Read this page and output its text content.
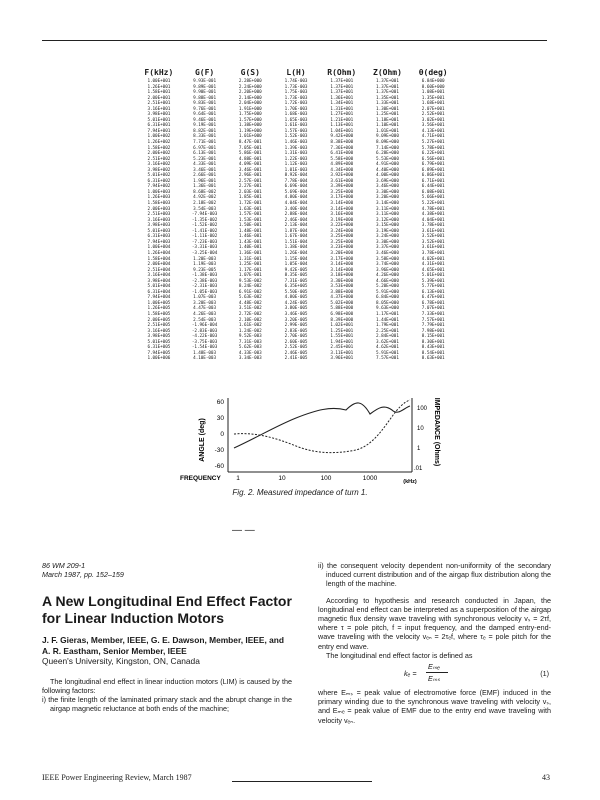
F(kHz)	G(F)	G(S)	L(H)	R(Ohm)	Z(Ohm)	θ(deg)
1.00E+001	9.93E-001	2.28E+000	1.74E-003	1.37E+001	1.37E+001	6.84E+000
1.26E+001	9.89E-001	2.24E+000	1.73E-003	1.37E+001	1.37E+001	8.60E+000
1.58E+001	9.90E-001	2.20E+000	1.75E-003	1.37E+001	1.37E+001	1.08E+001
2.00E+001	9.88E-001	2.14E+000	1.73E-003	1.36E+001	1.35E+001	1.35E+001
2.51E+001	9.83E-001	2.04E+000	1.72E-003	1.34E+001	1.33E+001	1.68E+001
3.16E+001	9.76E-001	1.91E+000	1.70E-003	1.31E+001	1.30E+001	2.07E+001
3.98E+001	9.64E-001	1.75E+000	1.68E-003	1.27E+001	1.25E+001	2.52E+001
5.01E+001	9.46E-001	1.57E+000	1.65E-003	1.21E+001	1.18E+001	3.02E+001
6.31E+001	9.19E-001	1.38E+000	1.61E-003	1.13E+001	1.10E+001	3.56E+001
7.94E+001	8.82E-001	1.19E+000	1.57E-003	1.04E+001	1.01E+001	4.13E+001
1.00E+002	8.33E-001	1.01E+000	1.52E-003	9.42E+000	9.09E+000	4.71E+001
1.26E+002	7.71E-001	8.47E-001	1.46E-003	8.38E+000	8.09E+000	5.27E+001
1.58E+002	6.97E-001	7.05E-001	1.39E-003	7.36E+000	7.14E+000	5.78E+001
2.00E+002	6.13E-001	5.86E-001	1.31E-003	6.41E+000	6.28E+000	6.22E+001
2.51E+002	5.23E-001	4.88E-001	1.22E-003	5.58E+000	5.53E+000	6.56E+001
3.16E+002	4.33E-001	4.09E-001	1.12E-003	4.89E+000	4.91E+000	6.79E+001
3.98E+002	3.46E-001	3.46E-001	1.01E-003	4.34E+000	4.40E+000	6.89E+001
5.01E+002	2.66E-001	2.96E-001	8.92E-004	3.92E+000	4.00E+000	6.86E+001
6.31E+002	1.96E-001	2.57E-001	7.78E-004	3.61E+000	3.69E+000	6.71E+001
7.94E+002	1.36E-001	2.27E-001	6.69E-004	3.39E+000	3.46E+000	6.44E+001
1.00E+003	8.68E-002	2.03E-001	5.69E-004	3.25E+000	3.30E+000	6.08E+001
1.26E+003	4.92E-002	1.85E-001	4.80E-004	3.17E+000	3.20E+000	5.66E+001
1.58E+003	2.18E-002	1.72E-001	4.04E-004	3.14E+000	3.14E+000	5.22E+001
2.00E+003	3.54E-003	1.63E-001	3.40E-004	3.14E+000	3.11E+000	4.78E+001
2.51E+003	-7.94E-003	1.57E-001	2.88E-004	3.16E+000	3.11E+000	4.38E+001
3.16E+003	-1.35E-002	1.53E-001	2.46E-004	3.19E+000	3.12E+000	4.04E+001
3.98E+003	-1.52E-002	1.50E-001	2.13E-004	3.22E+000	3.15E+000	3.78E+001
5.01E+003	-1.41E-002	1.48E-001	1.87E-004	3.24E+000	3.19E+000	3.61E+001
6.31E+003	-1.11E-002	1.46E-001	1.67E-004	3.25E+000	3.24E+000	3.52E+001
7.94E+003	-7.23E-003	1.43E-001	1.51E-004	3.25E+000	3.30E+000	3.52E+001
1.00E+004	-3.31E-003	1.40E-001	1.38E-004	3.23E+000	3.37E+000	3.61E+001
1.26E+004	-3.25E-004	1.36E-001	1.26E-004	3.20E+000	3.46E+000	3.78E+001
1.58E+004	1.20E-003	1.31E-001	1.15E-004	3.17E+000	3.58E+000	4.02E+001
2.00E+004	1.19E-003	1.25E-001	1.05E-004	3.14E+000	3.74E+000	4.31E+001
2.51E+004	9.23E-005	1.17E-001	9.42E-005	3.14E+000	3.96E+000	4.65E+001
3.16E+004	-1.38E-003	1.07E-001	8.35E-005	3.18E+000	4.26E+000	5.01E+001
3.98E+004	-2.38E-003	9.53E-002	7.31E-005	3.30E+000	4.66E+000	5.39E+001
5.01E+004	-2.31E-003	8.24E-002	6.35E+005	3.53E+000	5.20E+000	5.77E+001
6.31E+004	-1.05E-003	6.91E-002	5.50E-005	3.88E+000	5.91E+000	6.13E+001
7.94E+004	1.07E-003	5.63E-002	4.80E-005	4.37E+000	6.84E+000	6.47E+001
1.00E+005	3.20E-003	4.48E-002	4.24E-005	5.02E+000	8.05E+000	6.78E+001
1.26E+005	4.47E-003	3.51E-002	3.80E-005	5.88E+000	9.63E+000	7.07E+001
1.58E+005	4.26E-003	2.72E-002	3.46E-005	6.98E+000	1.17E+001	7.33E+001
2.00E+005	2.54E-003	2.10E-002	3.20E-005	8.39E+000	1.44E+001	7.57E+001
2.51E+005	-1.96E-004	1.61E-002	2.99E-005	1.02E+001	1.79E+001	7.79E+001
3.16E+005	-2.83E-003	1.24E-002	2.83E-005	1.25E+001	2.25E+001	7.98E+001
3.98E+005	-4.22E-003	9.52E-003	2.70E-005	1.55E+001	2.84E+001	8.15E+001
5.01E+005	-3.75E-003	7.31E-003	2.60E-005	1.94E+001	3.62E+001	8.30E+001
6.31E+005	-1.54E-003	5.62E-003	2.52E-005	2.45E+001	4.62E+001	8.43E+001
7.94E+005	1.48E-003	4.33E-003	2.46E-005	3.11E+001	5.91E+001	8.54E+001
1.00E+006	4.10E-003	3.34E-003	2.41E-005	3.96E+001	7.57E+001	8.63E+001
ANGLE (deg)	IMPEDANCE (Ohms)
60
30
0
-30
-60
100
10
1
.01
1	10	100	1000
FREQUENCY	(kHz)
Fig. 2. Measured impedance of turn 1.
— —
86 WM 209-1
March 1987, pp. 152–159
A New Longitudinal End Effect Factor for Linear Induction Motors
J. F. Gieras, Member, IEEE, G. E. Dawson, Member, IEEE, and A. R. Eastham, Senior Member, IEEE
Queen's University, Kingston, ON, Canada
The longitudinal end effect in linear induction motors (LIM) is caused by the following factors:
i) the finite length of the laminated primary stack and the abrupt change in the airgap magnetic reluctance at both ends of the machine;
ii) the consequent velocity dependent non-uniformity of the secondary induced current distribution and of the airgap flux distribution along the length of the machine.
According to hypothesis and research conducted in Japan, the longitudinal end effect can be interpreted as a superposition of the airgap magnetic flux density wave traveling with synchronous velocity vₛ = 2τf, where τ = pole pitch, f = input frequency, and the damped entry-end-wave traveling with the velocity vₑₙ = 2τₑf, where τₑ = pole pitch for the entry end wave.
The longitudinal end effect factor is defined as
kₑ =
Eₘₑ
Eₘₛ
(1)
where Eₘₛ = peak value of electromotive force (EMF) induced in the primary winding due to the synchronous wave traveling with velocity vₛ, and Eₘₑ = peak value of EMF due to the entry end wave traveling with velocity vₑₙ.
IEEE Power Engineering Review, March 1987	43
